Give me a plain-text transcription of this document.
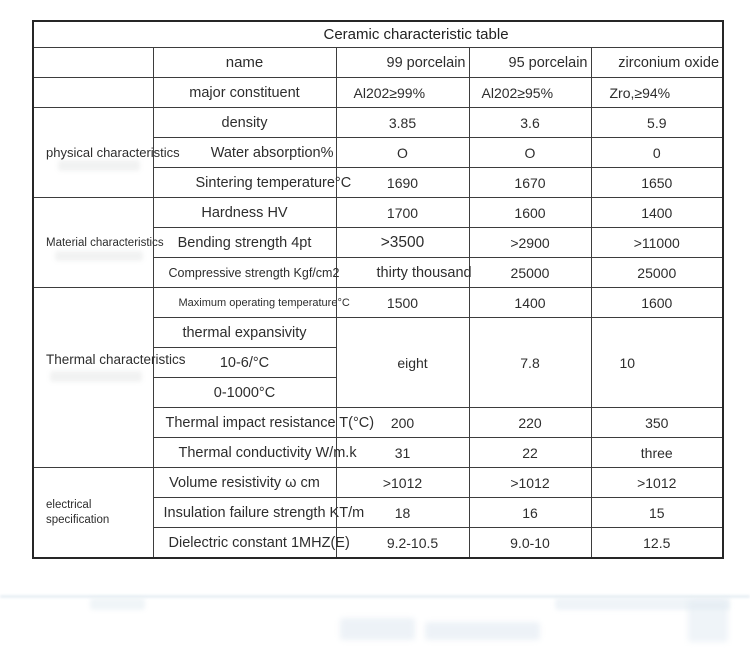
Ceramic characteristic table				
	name	99 porcelain	95 porcelain	zirconium oxide
	major constituent	Al202≥99%	Al202≥95%	Zro,≥94%
physical characteristics	density	3.85	3.6	5.9
	Water absorption%	O	O	0
	Sintering temperature°C	1690	1670	1650
Material characteristics	Hardness HV	1700	1600	1400
	Bending strength 4pt	>3500	>2900	>11000
	Compressive strength Kgf/cm2	thirty thousand	25000	25000
Thermal characteristics	Maximum operating temperature°C	1500	1400	1600
	thermal expansivity	eight	7.8	10
	10-6/°C			
	0-1000°C			
	Thermal impact resistance T(°C)	200	220	350
	Thermal conductivity W/m.k	31	22	three

electrical
specification	Volume resistivity ω cm	>1012	>1012	>1012
	Insulation failure strength KT/m	18	16	15
	Dielectric constant 1MHZ(E)	9.2-10.5	9.0-10	12.5
